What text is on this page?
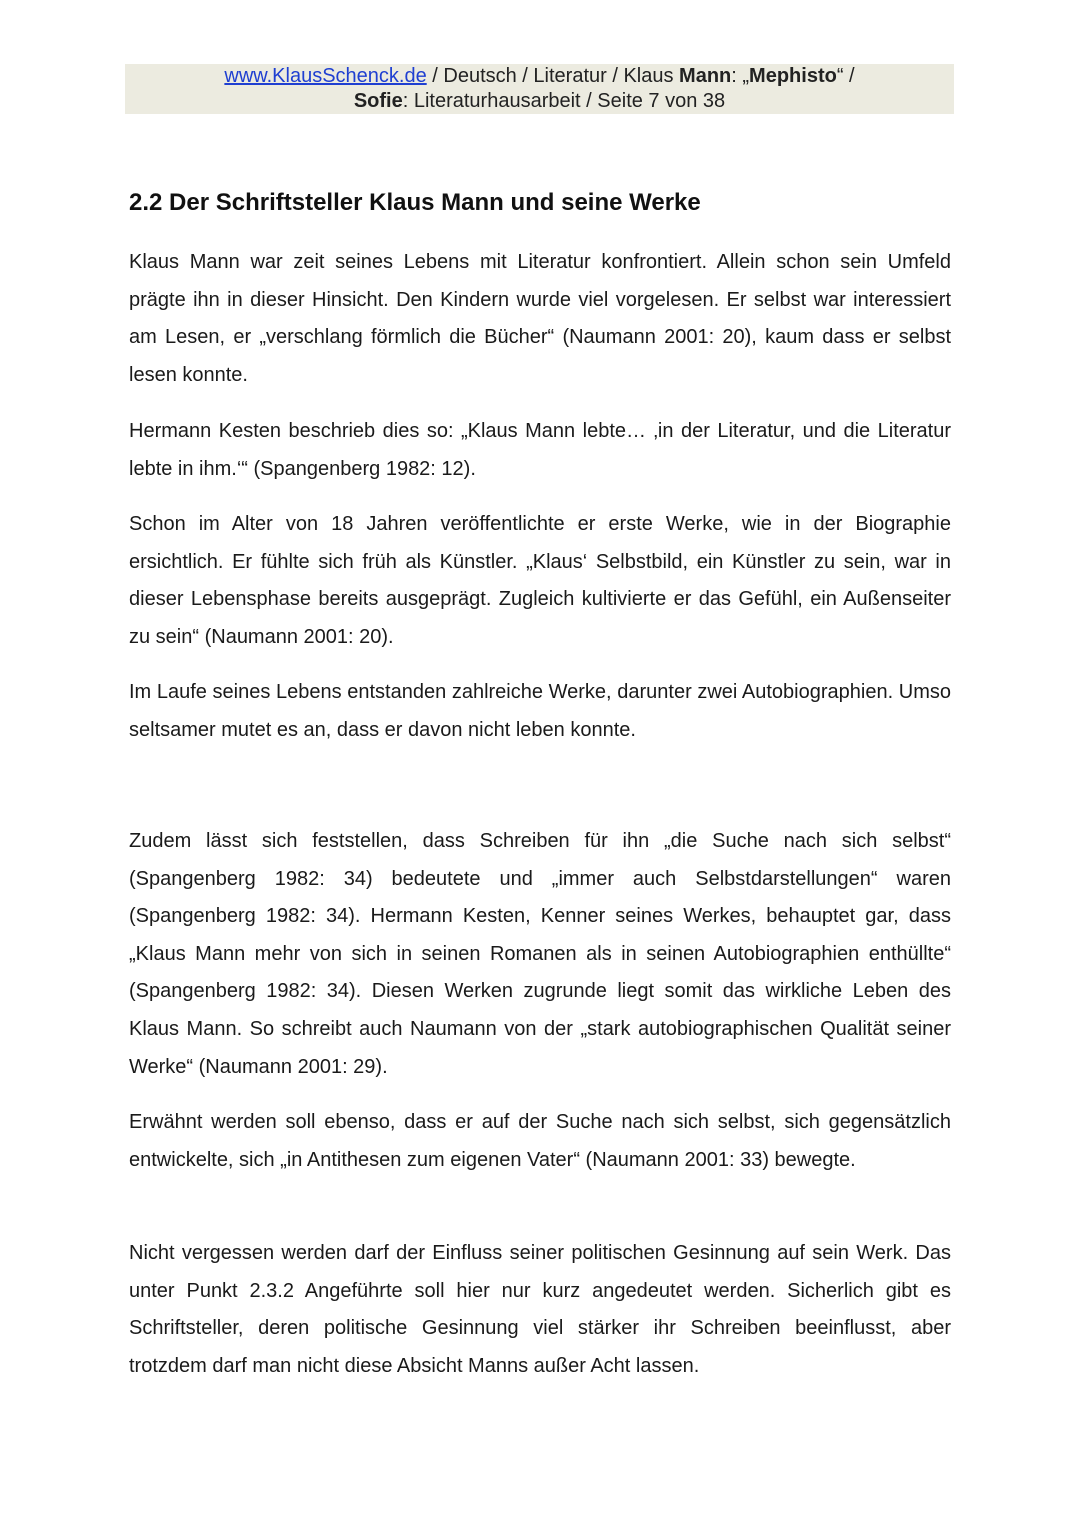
www.KlausSchenck.de / Deutsch / Literatur / Klaus Mann: „Mephisto“ /
Sofie: Literaturhausarbeit / Seite 7 von 38
2.2 Der Schriftsteller Klaus Mann und seine Werke

Klaus Mann war zeit seines Lebens mit Literatur konfrontiert. Allein schon sein Umfeld prägte ihn in dieser Hinsicht. Den Kindern wurde viel vorgelesen. Er selbst war interessiert am Lesen, er „verschlang förmlich die Bücher“ (Naumann 2001: 20), kaum dass er selbst lesen konnte.

Hermann Kesten beschrieb dies so: „Klaus Mann lebte… ‚in der Literatur, und die Literatur lebte in ihm.‘“ (Spangenberg 1982: 12).

Schon im Alter von 18 Jahren veröffentlichte er erste Werke, wie in der Biographie ersichtlich. Er fühlte sich früh als Künstler. „Klaus‘ Selbstbild, ein Künstler zu sein, war in dieser Lebensphase bereits ausgeprägt. Zugleich kultivierte er das Gefühl, ein Außenseiter zu sein“ (Naumann 2001: 20).

Im Laufe seines Lebens entstanden zahlreiche Werke, darunter zwei Autobiographien. Umso seltsamer mutet es an, dass er davon nicht leben konnte.

Zudem lässt sich feststellen, dass Schreiben für ihn „die Suche nach sich selbst“ (Spangenberg 1982: 34) bedeutete und „immer auch Selbstdarstellungen“ waren (Spangenberg 1982: 34). Hermann Kesten, Kenner seines Werkes, behauptet gar, dass „Klaus Mann mehr von sich in seinen Romanen als in seinen Autobiographien enthüllte“ (Spangenberg 1982: 34). Diesen Werken zugrunde liegt somit das wirkliche Leben des Klaus Mann. So schreibt auch Naumann von der „stark autobiographischen Qualität seiner Werke“ (Naumann 2001: 29).

Erwähnt werden soll ebenso, dass er auf der Suche nach sich selbst, sich gegensätzlich entwickelte, sich „in Antithesen zum eigenen Vater“ (Naumann 2001: 33) bewegte.

Nicht vergessen werden darf der Einfluss seiner politischen Gesinnung auf sein Werk. Das unter Punkt 2.3.2 Angeführte soll hier nur kurz angedeutet werden. Sicherlich gibt es Schriftsteller, deren politische Gesinnung viel stärker ihr Schreiben beeinflusst, aber trotzdem darf man nicht diese Absicht Manns außer Acht lassen.
